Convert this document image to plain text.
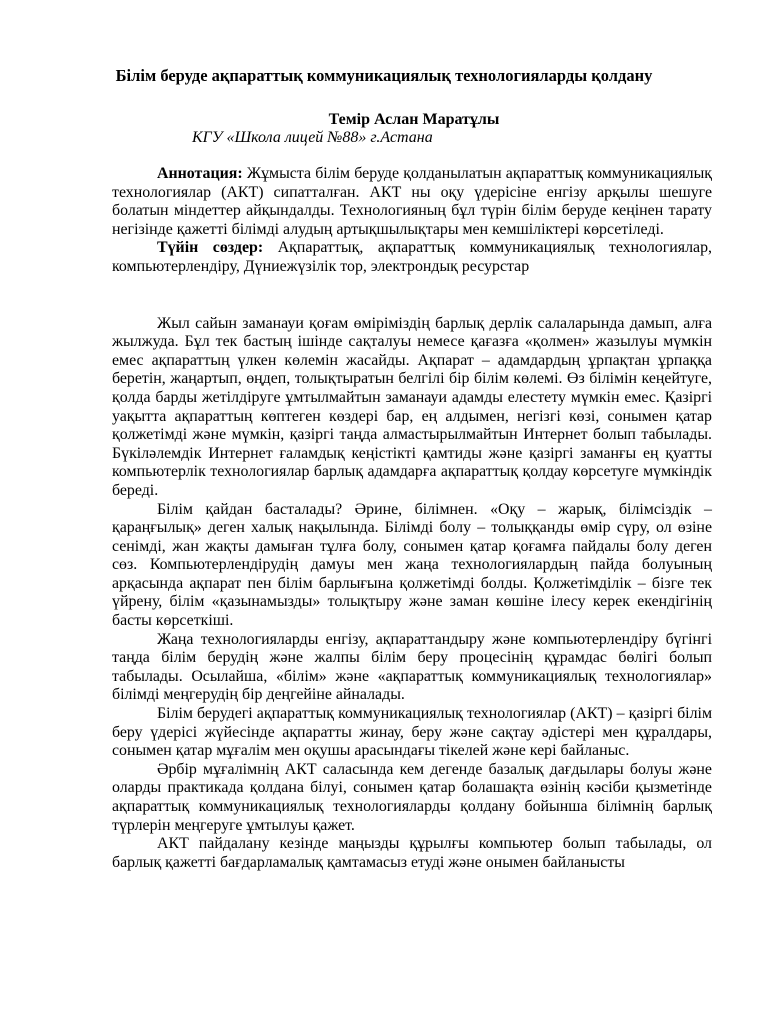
Білім беруде ақпараттық коммуникациялық технологияларды қолдану
Темір Аслан Маратұлы
КГУ «Школа лицей №88» г.Астана

Аннотация: Жұмыста білім беруде қолданылатын ақпараттық коммуникациялық технологиялар (АКТ) сипатталған. АКТ ны оқу үдерісіне енгізу арқылы шешуге болатын міндеттер айқындалды. Технологияның бұл түрін білім беруде кеңінен тарату негізінде қажетті білімді алудың артықшылықтары мен кемшіліктері көрсетіледі.

Түйін сөздер: Ақпараттық, ақпараттық коммуникациялық технологиялар, компьютерлендіру, Дүниежүзілік тор, электрондық ресурстар

Жыл сайын заманауи қоғам өміріміздің барлық дерлік салаларында дамып, алға жылжуда. Бұл тек бастың ішінде сақталуы немесе қағазға «қолмен» жазылуы мүмкін емес ақпараттың үлкен көлемін жасайды. Ақпарат – адамдардың ұрпақтан ұрпаққа беретін, жаңартып, өңдеп, толықтыратын белгілі бір білім көлемі. Өз білімін кеңейтуге, қолда барды жетілдіруге ұмтылмайтын заманауи адамды елестету мүмкін емес. Қазіргі уақытта ақпараттың көптеген көздері бар, ең алдымен, негізгі көзі, сонымен қатар қолжетімді және мүмкін, қазіргі таңда алмастырылмайтын Интернет болып табылады. Бүкіләлемдік Интернет ғаламдық кеңістікті қамтиды және қазіргі заманғы ең қуатты компьютерлік технологиялар барлық адамдарға ақпараттық қолдау көрсетуге мүмкіндік береді.

Білім қайдан басталады? Әрине, білімнен. «Оқу – жарық, білімсіздік – қараңғылық» деген халық нақылында. Білімді болу – толыққанды өмір сүру, ол өзіне сенімді, жан жақты дамыған тұлға болу, сонымен қатар қоғамға пайдалы болу деген сөз. Компьютерлендірудің дамуы мен жаңа технологиялардың пайда болуының арқасында ақпарат пен білім барлығына қолжетімді болды. Қолжетімділік – бізге тек үйрену, білім «қазынамызды» толықтыру және заман көшіне ілесу керек екендігінің басты көрсеткіші.

Жаңа технологияларды енгізу, ақпараттандыру және компьютерлендіру бүгінгі таңда білім берудің және жалпы білім беру процесінің құрамдас бөлігі болып табылады. Осылайша, «білім» және «ақпараттық коммуникациялық технологиялар» білімді меңгерудің бір деңгейіне айналады.

Білім берудегі ақпараттық коммуникациялық технологиялар (АКТ) – қазіргі білім беру үдерісі жүйесінде ақпаратты жинау, беру және сақтау әдістері мен құралдары, сонымен қатар мұғалім мен оқушы арасындағы тікелей және кері байланыс.

Әрбір мұғалімнің АКТ саласында кем дегенде базалық дағдылары болуы және оларды практикада қолдана білуі, сонымен қатар болашақта өзінің кәсіби қызметінде ақпараттық коммуникациялық технологияларды қолдану бойынша білімнің барлық түрлерін меңгеруге ұмтылуы қажет.

АКТ пайдалану кезінде маңызды құрылғы компьютер болып табылады, ол барлық қажетті бағдарламалық қамтамасыз етуді және онымен байланысты
